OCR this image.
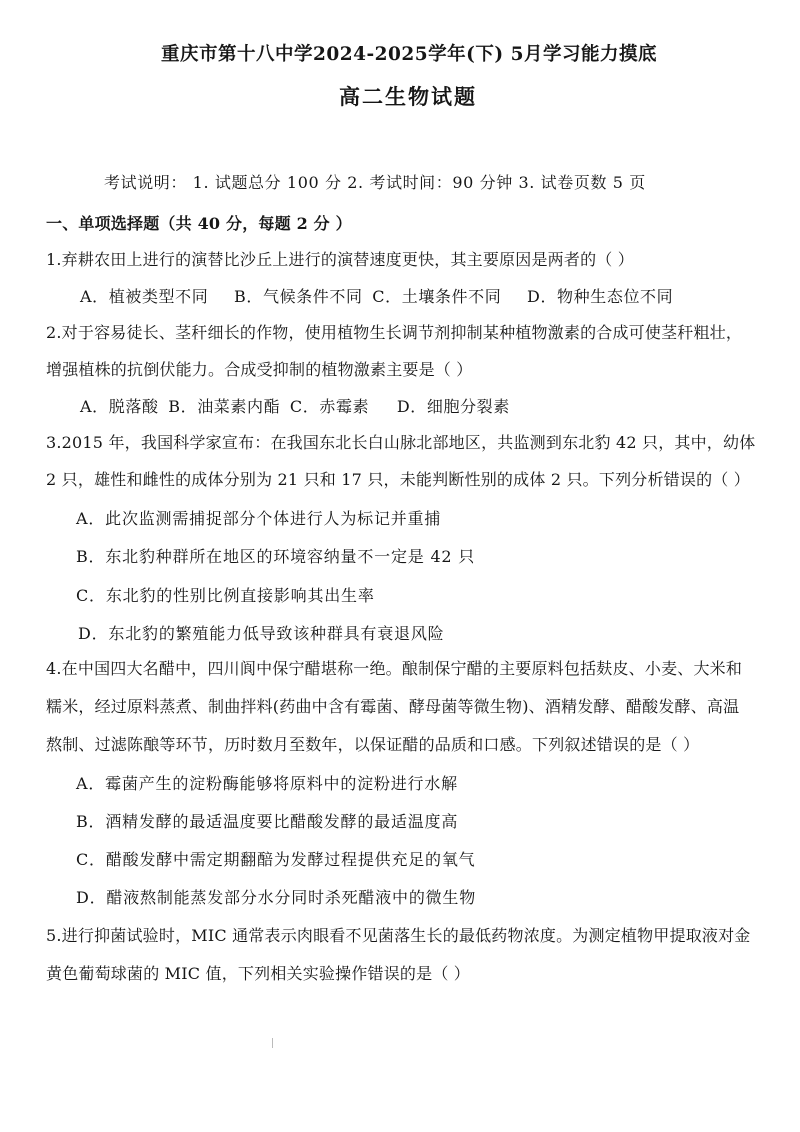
重庆市第十八中学2024-2025学年(下) 5月学习能力摸底
高二生物试题
考试说明： 1. 试题总分 100 分 2. 考试时间：90 分钟 3. 试卷页数 5 页
一、单项选择题（共 40 分，每题 2 分 ）
1.弃耕农田上进行的演替比沙丘上进行的演替速度更快，其主要原因是两者的（ ）
A．植被类型不同 B．气候条件不同 C．土壤条件不同 D．物种生态位不同
2.对于容易徒长、茎秆细长的作物，使用植物生长调节剂抑制某种植物激素的合成可使茎秆粗壮，
增强植株的抗倒伏能力。合成受抑制的植物激素主要是（ ）
A．脱落酸 B．油菜素内酯 C．赤霉素 D．细胞分裂素
3.2015 年，我国科学家宣布：在我国东北长白山脉北部地区，共监测到东北豹 42 只，其中，幼体
2 只，雄性和雌性的成体分别为 21 只和 17 只，未能判断性别的成体 2 只。下列分析错误的（ ）
A．此次监测需捕捉部分个体进行人为标记并重捕
B．东北豹种群所在地区的环境容纳量不一定是 42 只
C．东北豹的性别比例直接影响其出生率
D．东北豹的繁殖能力低导致该种群具有衰退风险
4.在中国四大名醋中，四川阆中保宁醋堪称一绝。酿制保宁醋的主要原料包括麸皮、小麦、大米和
糯米，经过原料蒸煮、制曲拌料(药曲中含有霉菌、酵母菌等微生物)、酒精发酵、醋酸发酵、高温
熬制、过滤陈酿等环节，历时数月至数年，以保证醋的品质和口感。下列叙述错误的是（ ）
A．霉菌产生的淀粉酶能够将原料中的淀粉进行水解
B．酒精发酵的最适温度要比醋酸发酵的最适温度高
C．醋酸发酵中需定期翻醅为发酵过程提供充足的氧气
D．醋液熬制能蒸发部分水分同时杀死醋液中的微生物
5.进行抑菌试验时，MIC 通常表示肉眼看不见菌落生长的最低药物浓度。为测定植物甲提取液对金
黄色葡萄球菌的 MIC 值，下列相关实验操作错误的是（ ）
